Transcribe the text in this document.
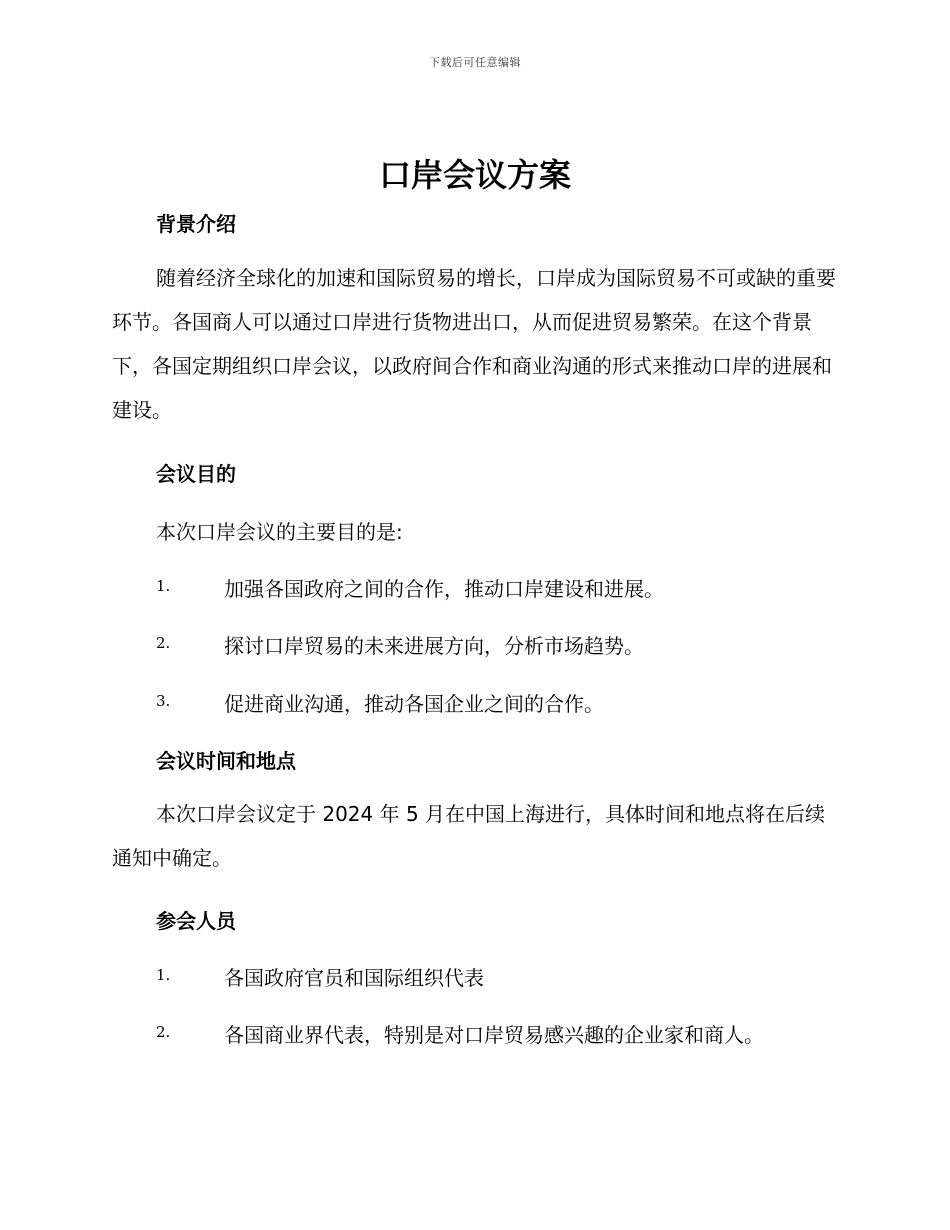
下载后可任意编辑
口岸会议方案
背景介绍

随着经济全球化的加速和国际贸易的增长，口岸成为国际贸易不可或缺的重要环节。各国商人可以通过口岸进行货物进出口，从而促进贸易繁荣。在这个背景下，各国定期组织口岸会议，以政府间合作和商业沟通的形式来推动口岸的进展和建设。

会议目的

本次口岸会议的主要目的是:

1.	加强各国政府之间的合作，推动口岸建设和进展。
2.	探讨口岸贸易的未来进展方向，分析市场趋势。
3.	促进商业沟通，推动各国企业之间的合作。
会议时间和地点

本次口岸会议定于 2024 年 5 月在中国上海进行，具体时间和地点将在后续通知中确定。

参会人员
1.	各国政府官员和国际组织代表
2.	各国商业界代表，特别是对口岸贸易感兴趣的企业家和商人。
